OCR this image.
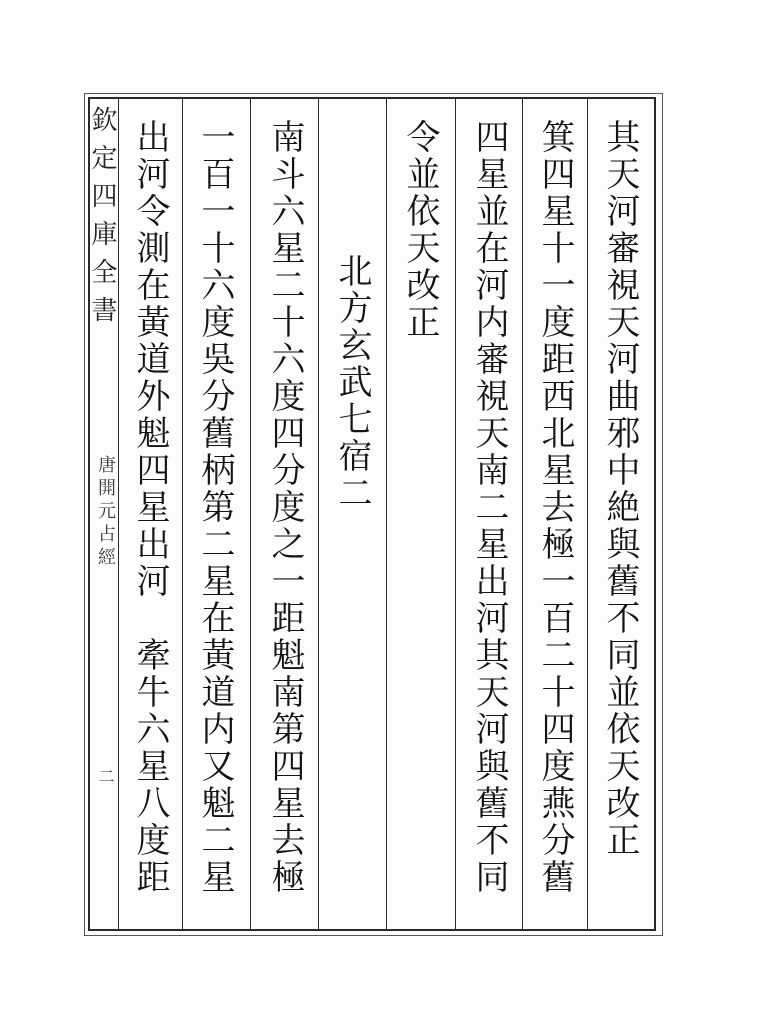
欽定四庫全書
唐開元占經
二	其天河審視天河曲邪中絶與舊不同並依天改正
箕四星十一度距西北星去極一百二十四度燕分舊
四星並在河内審視天南二星出河其天河與舊不同
令並依天改正
北方玄武七宿二
南斗六星二十六度四分度之一距魁南第四星去極
一百一十六度吳分舊柄第二星在黃道内又魁二星
出河令測在黃道外魁四星出河　牽牛六星八度距
